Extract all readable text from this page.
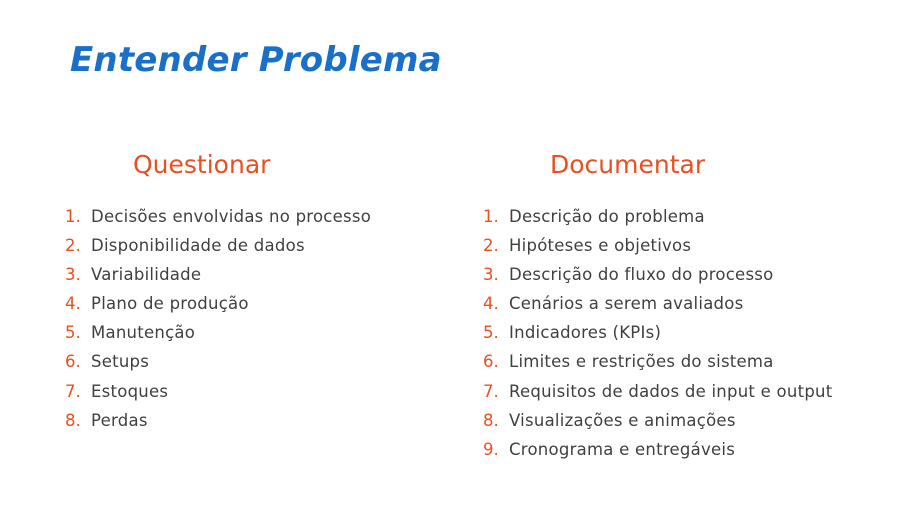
Entender Problema
Questionar
1. Decisões envolvidas no processo
2. Disponibilidade de dados
3. Variabilidade
4. Plano de produção
5. Manutenção
6. Setups
7. Estoques
8. Perdas
Documentar
1. Descrição do problema
2. Hipóteses e objetivos
3. Descrição do fluxo do processo
4. Cenários a serem avaliados
5. Indicadores (KPIs)
6. Limites e restrições do sistema
7. Requisitos de dados de input e output
8. Visualizações e animações
9. Cronograma e entregáveis
